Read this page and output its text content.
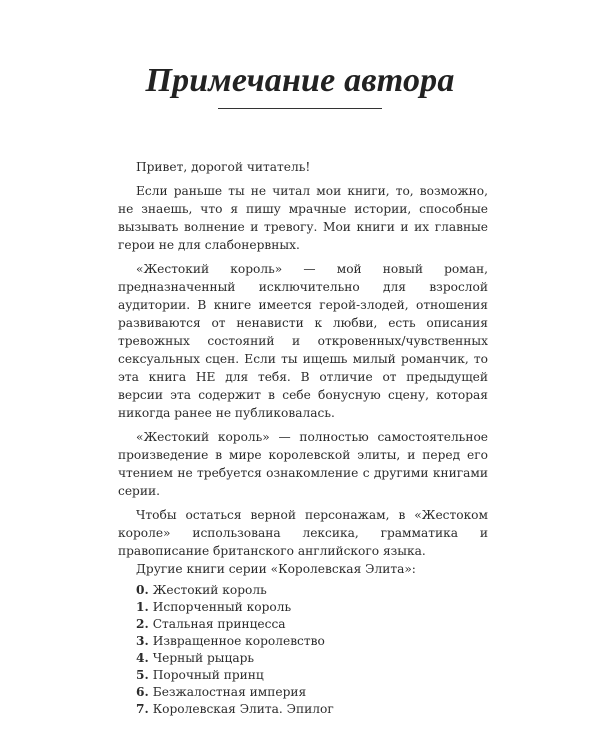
Примечание автора

Привет, дорогой читатель!

Если раньше ты не читал мои книги, то, возможно, не знаешь, что я пишу мрачные истории, способные вызывать волнение и тревогу. Мои книги и их главные герои не для слабонервных.

«Жестокий король» — мой новый роман, предназначенный исключительно для взрослой аудитории. В книге имеется герой-злодей, отношения развиваются от ненависти к любви, есть описания тревожных состояний и откровенных/чувственных сексуальных сцен. Если ты ищешь милый романчик, то эта книга НЕ для тебя. В отличие от предыдущей версии эта содержит в себе бонусную сцену, которая никогда ранее не публиковалась.

«Жестокий король» — полностью самостоятельное произведение в мире королевской элиты, и перед его чтением не требуется ознакомление с другими книгами серии.

Чтобы остаться верной персонажам, в «Жестоком короле» использована лексика, грамматика и правописание британского английского языка.

Другие книги серии «Королевская Элита»:

0. Жестокий король
1. Испорченный король
2. Стальная принцесса
3. Извращенное королевство
4. Черный рыцарь
5. Порочный принц
6. Безжалостная империя
7. Королевская Элита. Эпилог
